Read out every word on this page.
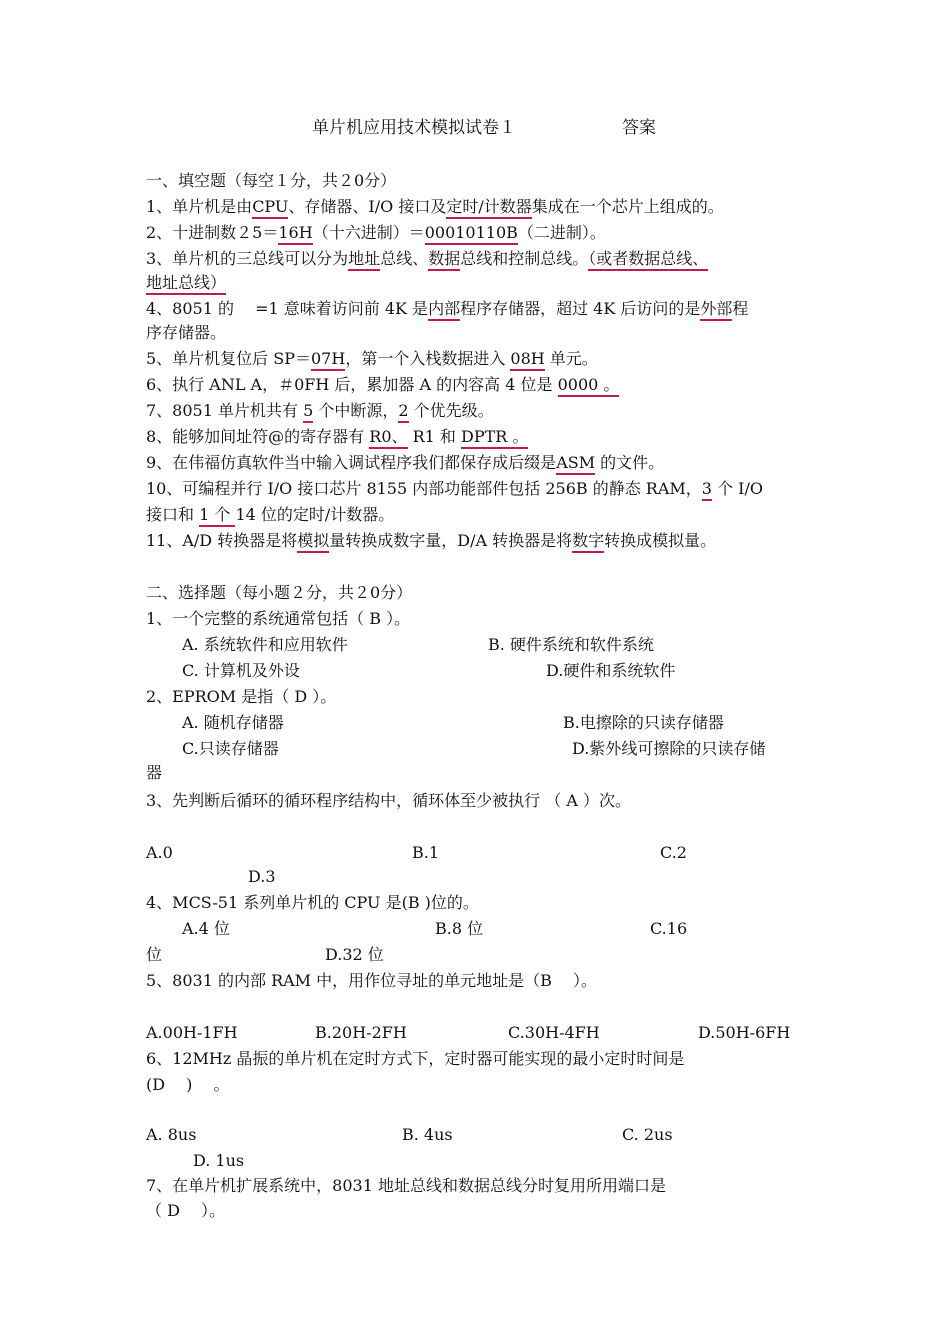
单片机应用技术模拟试卷１	答案
一、填空题（每空１分，共２0分）
1、单片机是由CPU、存储器、I/O 接口及定时/计数器集成在一个芯片上组成的。
2、十进制数２5＝16H（十六进制）＝00010110B（二进制）。
3、单片机的三总线可以分为地址总线、数据总线和控制总线。（或者数据总线、
地址总线）
4、8051 的 　=1 意味着访问前 4K 是内部程序存储器，超过 4K 后访问的是外部程
序存储器。
5、单片机复位后 SP＝07H，第一个入栈数据进入 08H 单元。
6、执行 ANL A，＃0FH 后，累加器 A 的内容高 4 位是 0000 。
7、8051 单片机共有 5 个中断源，2 个优先级。
8、能够加间址符@的寄存器有 R0、 R1 和 DPTR 。
9、在伟福仿真软件当中输入调试程序我们都保存成后缀是ASM 的文件。
10、可编程并行 I/O 接口芯片 8155 内部功能部件包括 256B 的静态 RAM，3 个 I/O
接口和 1 个 14 位的定时/计数器。
11、A/D 转换器是将模拟量转换成数字量，D/A 转换器是将数字转换成模拟量。
二、选择题（每小题２分，共２0分）
1、一个完整的系统通常包括（ B ）。
A. 系统软件和应用软件	B. 硬件系统和软件系统
C. 计算机及外设	D.硬件和系统软件
2、EPROM 是指（ D ）。
A. 随机存储器	B.电擦除的只读存储器
C.只读存储器	D.紫外线可擦除的只读存储
器
3、先判断后循环的循环程序结构中，循环体至少被执行 （ A ）次。
A.0	B.1	C.2
D.3
4、MCS-51 系列单片机的 CPU 是(B )位的。
A.4 位	B.8 位	C.16
位	D.32 位
5、8031 的内部 RAM 中，用作位寻址的单元地址是（B　 ）。
A.00H-1FH	B.20H-2FH	C.30H-4FH	D.50H-6FH
6、12MHz 晶振的单片机在定时方式下，定时器可能实现的最小定时时间是
(D　 )　 。
A. 8us	B. 4us	C. 2us
D. 1us
7、在单片机扩展系统中，8031 地址总线和数据总线分时复用所用端口是
（ D　 ）。
